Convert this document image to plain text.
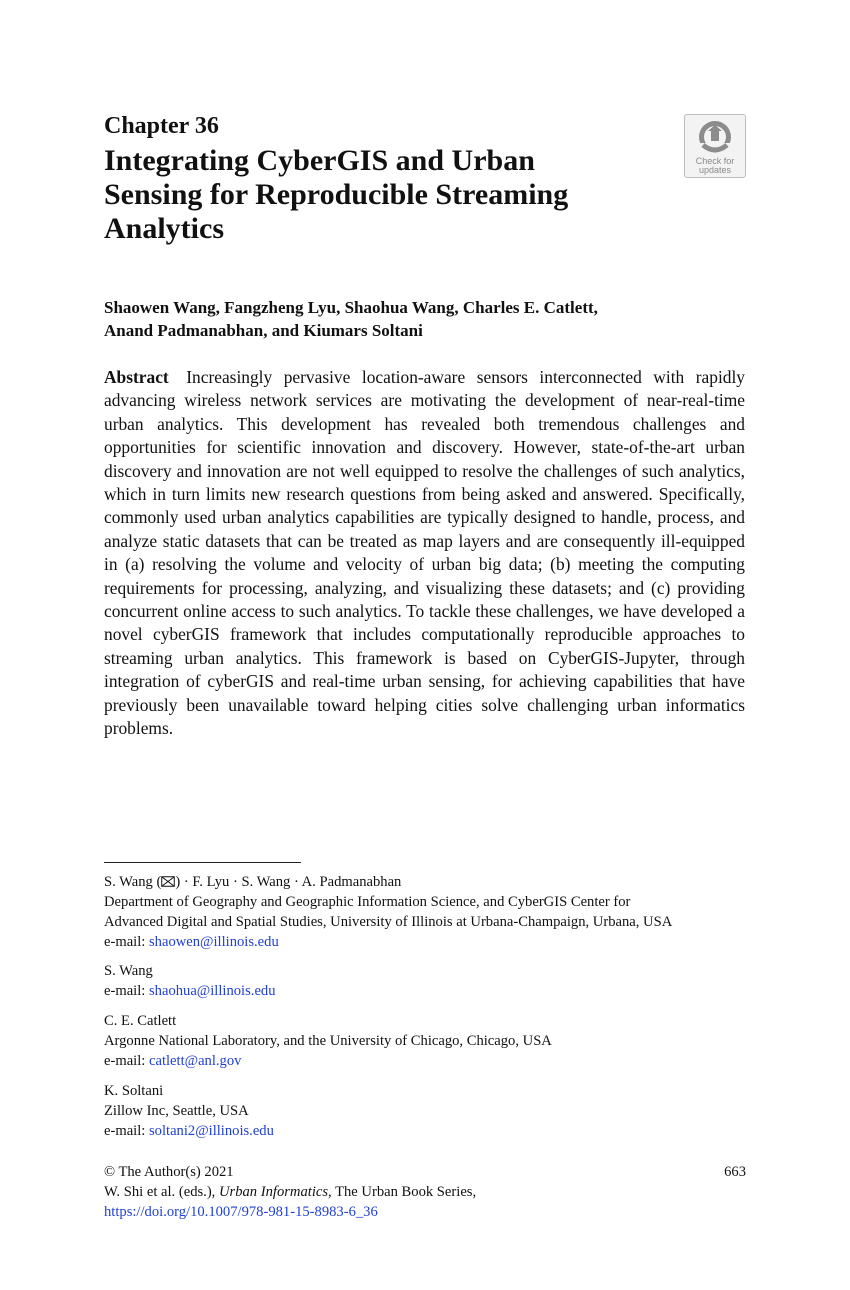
Chapter 36
Integrating CyberGIS and Urban
Sensing for Reproducible Streaming
Analytics
Check for
updates
Shaowen Wang, Fangzheng Lyu, Shaohua Wang, Charles E. Catlett,
Anand Padmanabhan, and Kiumars Soltani

Abstract Increasingly pervasive location-aware sensors interconnected with rapidly advancing wireless network services are motivating the development of near-real-time urban analytics. This development has revealed both tremendous challenges and opportunities for scientific innovation and discovery. However, state-of-the-art urban discovery and innovation are not well equipped to resolve the challenges of such analytics, which in turn limits new research questions from being asked and answered. Specifically, commonly used urban analytics capabilities are typically designed to handle, process, and analyze static datasets that can be treated as map layers and are consequently ill-equipped in (a) resolving the volume and velocity of urban big data; (b) meeting the computing requirements for processing, analyzing, and visualizing these datasets; and (c) providing concurrent online access to such analytics. To tackle these challenges, we have developed a novel cyberGIS framework that includes computationally reproducible approaches to streaming urban analytics. This framework is based on CyberGIS-Jupyter, through integration of cyberGIS and real-time urban sensing, for achieving capabilities that have previously been unavailable toward helping cities solve challenging urban informatics problems.

S. Wang ( ) · F. Lyu · S. Wang · A. Padmanabhan
Department of Geography and Geographic Information Science, and CyberGIS Center for
Advanced Digital and Spatial Studies, University of Illinois at Urbana-Champaign, Urbana, USA
e-mail: shaowen@illinois.edu
S. Wang
e-mail: shaohua@illinois.edu
C. E. Catlett
Argonne National Laboratory, and the University of Chicago, Chicago, USA
e-mail: catlett@anl.gov
K. Soltani
Zillow Inc, Seattle, USA
e-mail: soltani2@illinois.edu
© The Author(s) 2021
W. Shi et al. (eds.), Urban Informatics, The Urban Book Series,
https://doi.org/10.1007/978-981-15-8983-6_36
663
